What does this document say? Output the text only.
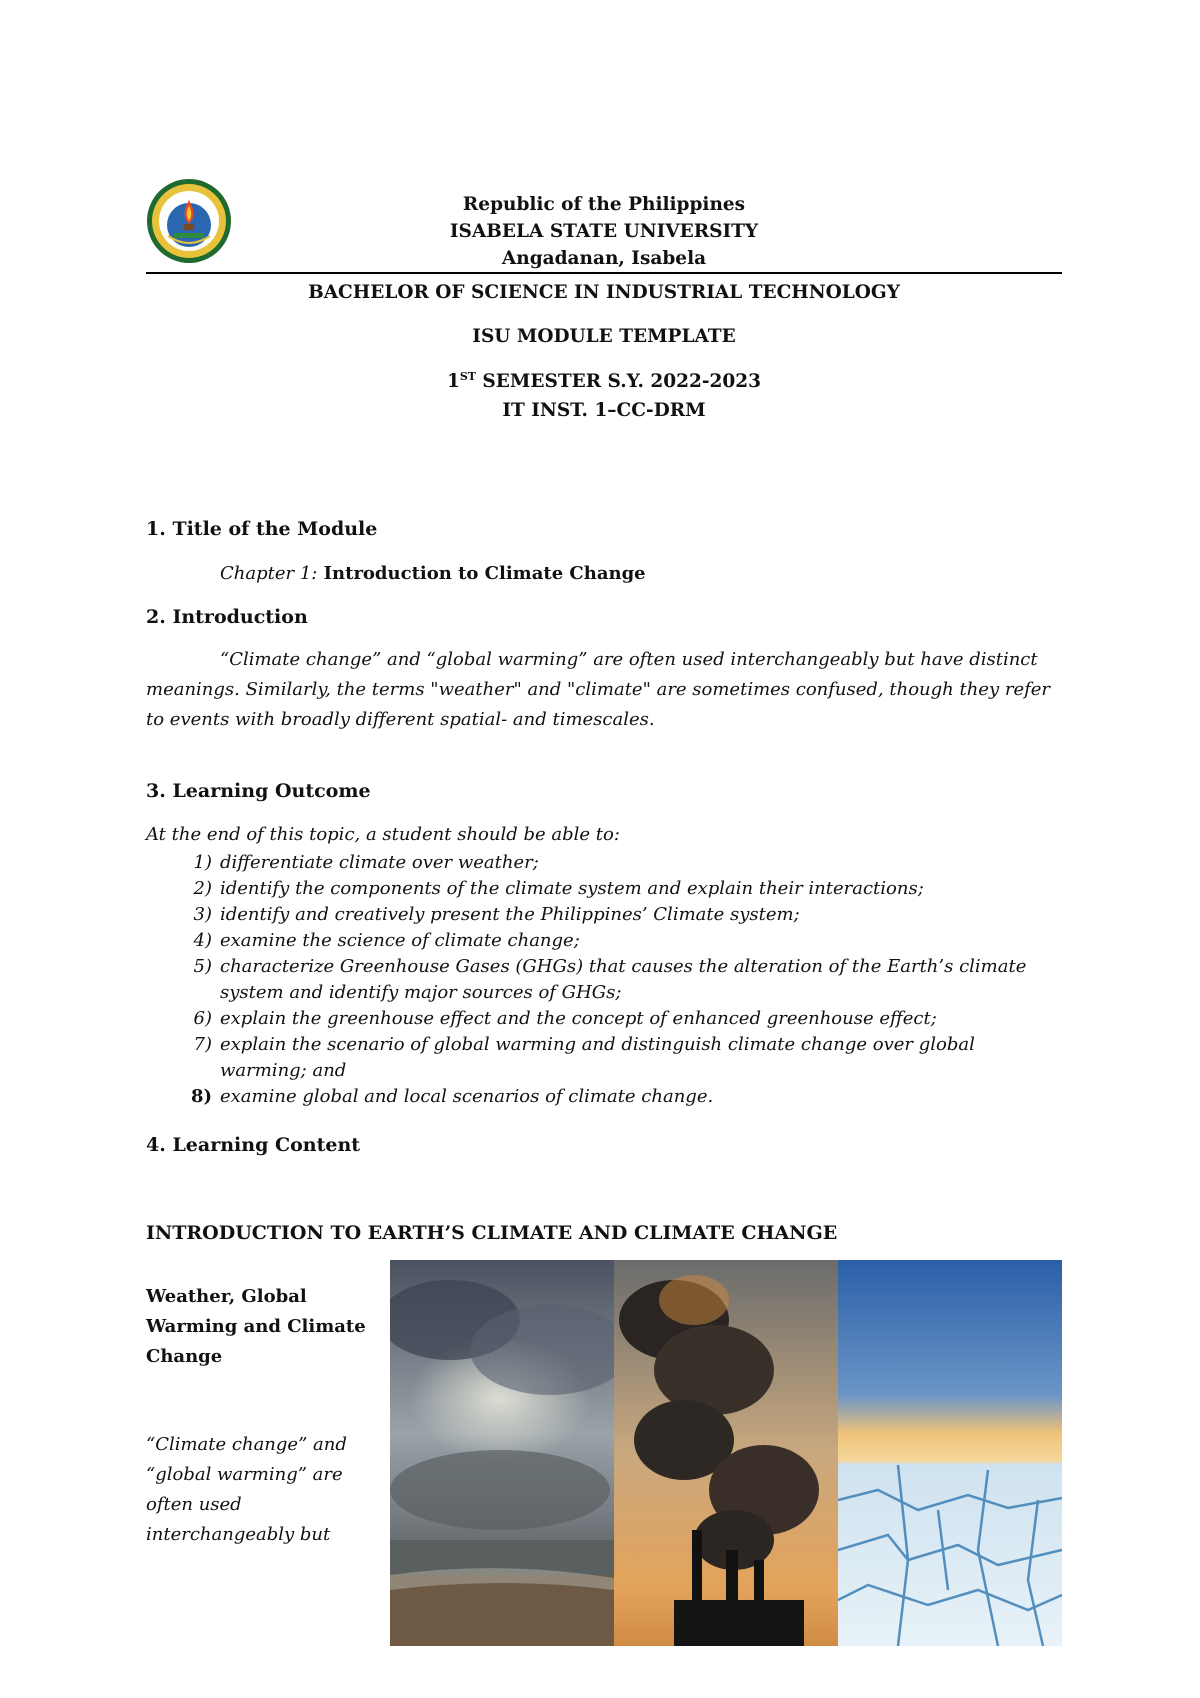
Republic of the Philippines
ISABELA STATE UNIVERSITY
Angadanan, Isabela
BACHELOR OF SCIENCE IN INDUSTRIAL TECHNOLOGY
ISU MODULE TEMPLATE
1ST SEMESTER S.Y. 2022-2023
IT INST. 1–CC-DRM
1. Title of the Module
Chapter 1: Introduction to Climate Change
2. Introduction
“Climate change” and “global warming” are often used interchangeably but have distinct
meanings. Similarly, the terms "weather" and "climate" are sometimes confused, though they refer
to events with broadly different spatial- and timescales.
3. Learning Outcome
At the end of this topic, a student should be able to:
1) differentiate climate over weather;
2) identify the components of the climate system and explain their interactions;
3) identify and creatively present the Philippines’ Climate system;
4) examine the science of climate change;
5) characterize Greenhouse Gases (GHGs) that causes the alteration of the Earth’s climate
system and identify major sources of GHGs;
6) explain the greenhouse effect and the concept of enhanced greenhouse effect;
7) explain the scenario of global warming and distinguish climate change over global
warming; and
8) examine global and local scenarios of climate change.
4. Learning Content
INTRODUCTION TO EARTH’S CLIMATE AND CLIMATE CHANGE
Weather, Global
Warming and Climate
Change
“Climate change” and
“global warming” are
often used
interchangeably but
